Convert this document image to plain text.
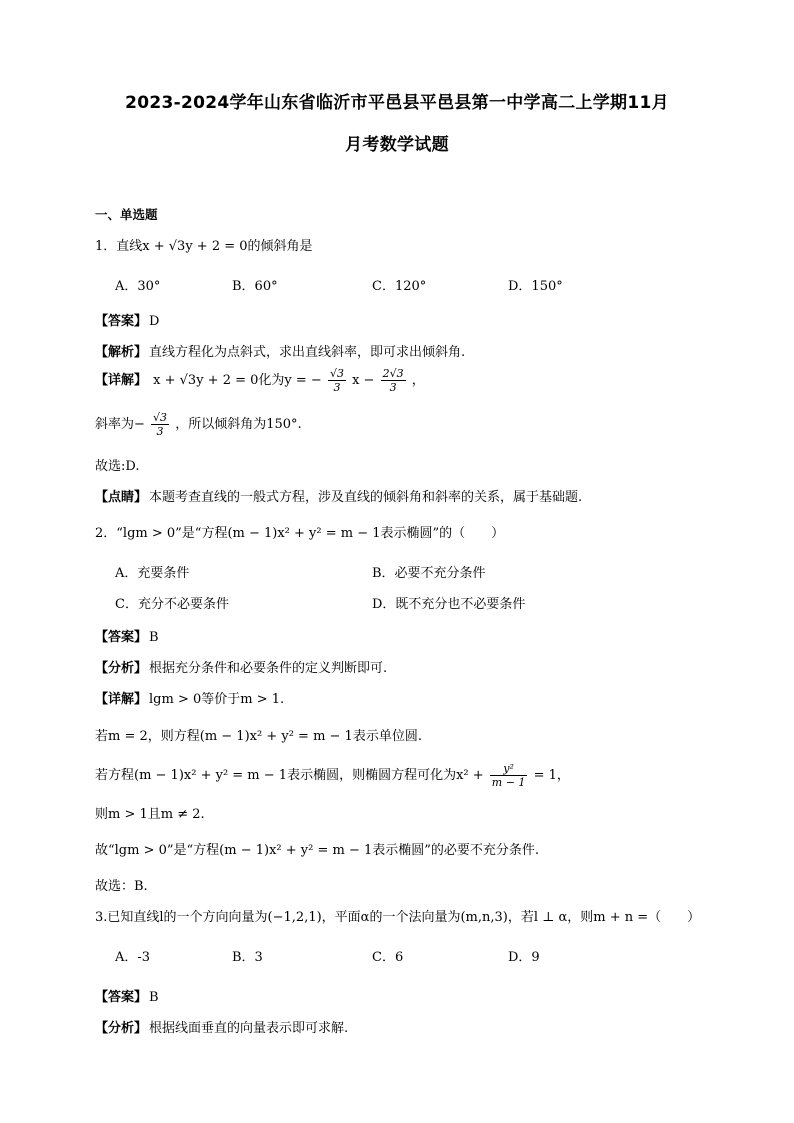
2023-2024学年山东省临沂市平邑县平邑县第一中学高二上学期11月
月考数学试题
一、单选题
1．直线x + √3y + 2 = 0的倾斜角是
A．30°	B．60°	C．120°	D．150°
【答案】 D
【解析】 直线方程化为点斜式，求出直线斜率，即可求出倾斜角.
【详解】 x + √3y + 2 = 0化为y = − $\frac{√3}{3}$ $x - \frac{2√3}{3}$ ，
斜率为− $\frac{√3}{3}$ ，所以倾斜角为150°.
故选:D.
【点睛】 本题考查直线的一般式方程，涉及直线的倾斜角和斜率的关系，属于基础题.
2．“lgm > 0”是“方程(m − 1)x² + y² = m − 1表示椭圆”的（　　）
A．充要条件	B．必要不充分条件
C．充分不必要条件	D．既不充分也不必要条件
【答案】 B
【分析】 根据充分条件和必要条件的定义判断即可.
【详解】 lgm > 0等价于m > 1.
若m = 2，则方程(m − 1)x² + y² = m − 1表示单位圆.
若方程(m − 1)x² + y² = m − 1表示椭圆，则椭圆方程可化为$x^2 + \frac{\text{y²}}{m - 1} = 1$，
则m > 1且m ≠ 2.
故“lgm > 0”是“方程(m − 1)x² + y² = m − 1表示椭圆”的必要不充分条件.
故选：B.
3.已知直线l的一个方向向量为(−1,2,1)，平面α的一个法向量为(m,n,3)，若l ⊥ α，则m + n =（　　）
A．-3	B．3	C．6	D．9
【答案】 B
【分析】 根据线面垂直的向量表示即可求解.
